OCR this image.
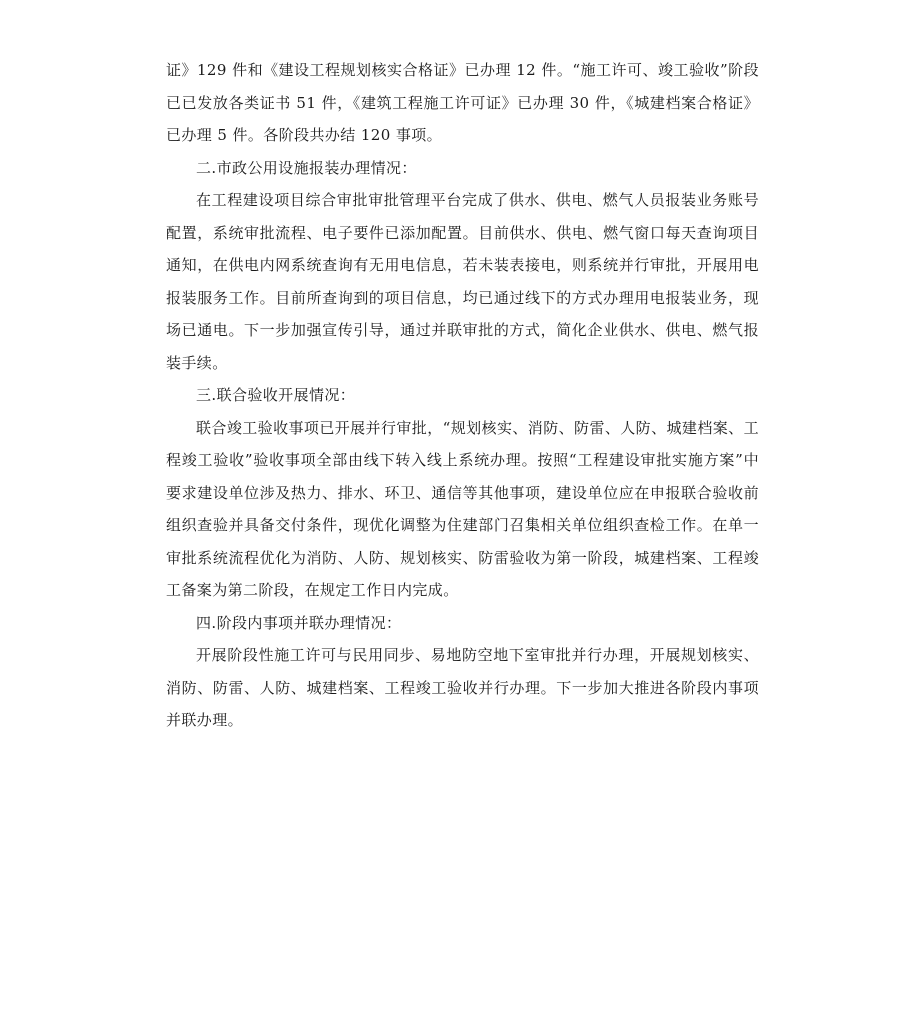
证》129 件和《建设工程规划核实合格证》已办理 12 件。“施工许可、竣工验收”阶段已已发放各类证书 51 件，《建筑工程施工许可证》已办理 30 件，《城建档案合格证》已办理 5 件。各阶段共办结 120 事项。

二.市政公用设施报装办理情况：

在工程建设项目综合审批审批管理平台完成了供水、供电、燃气人员报装业务账号配置，系统审批流程、电子要件已添加配置。目前供水、供电、燃气窗口每天查询项目通知，在供电内网系统查询有无用电信息，若未装表接电，则系统并行审批，开展用电报装服务工作。目前所查询到的项目信息，均已通过线下的方式办理用电报装业务，现场已通电。下一步加强宣传引导，通过并联审批的方式，简化企业供水、供电、燃气报装手续。

三.联合验收开展情况：

联合竣工验收事项已开展并行审批，“规划核实、消防、防雷、人防、城建档案、工程竣工验收”验收事项全部由线下转入线上系统办理。按照“工程建设审批实施方案”中要求建设单位涉及热力、排水、环卫、通信等其他事项，建设单位应在申报联合验收前组织查验并具备交付条件，现优化调整为住建部门召集相关单位组织查检工作。在单一审批系统流程优化为消防、人防、规划核实、防雷验收为第一阶段，城建档案、工程竣工备案为第二阶段，在规定工作日内完成。

四.阶段内事项并联办理情况：

开展阶段性施工许可与民用同步、易地防空地下室审批并行办理，开展规划核实、消防、防雷、人防、城建档案、工程竣工验收并行办理。下一步加大推进各阶段内事项并联办理。
